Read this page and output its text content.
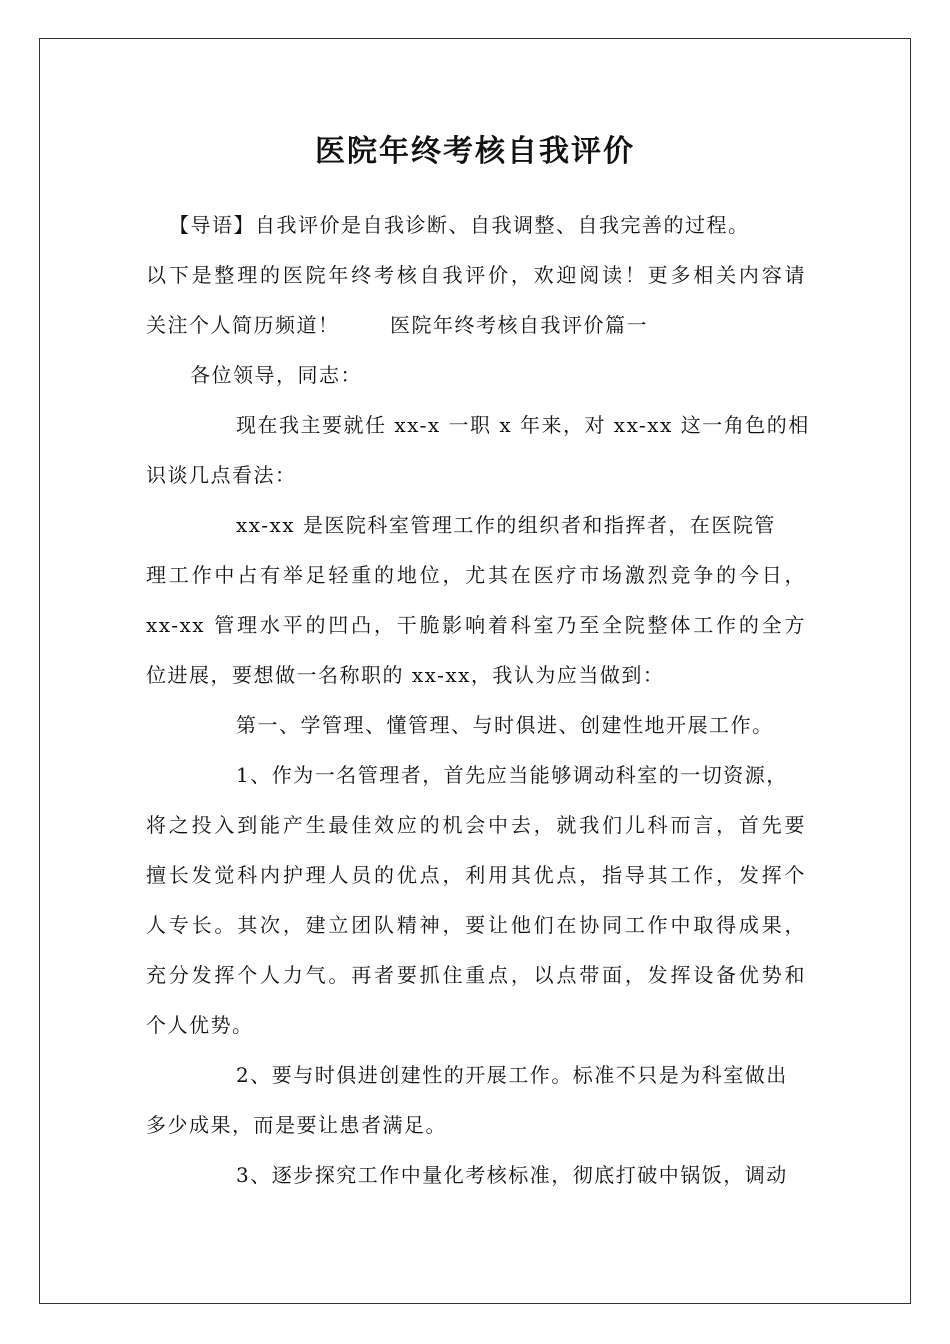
医院年终考核自我评价

【导语】自我评价是自我诊断、自我调整、自我完善的过程。

以下是整理的医院年终考核自我评价，欢迎阅读！更多相关内容请

关注个人简历频道！	医院年终考核自我评价篇一

各位领导，同志：

现在我主要就任 xx-x 一职 x 年来，对 xx-xx 这一角色的相

识谈几点看法：

xx-xx 是医院科室管理工作的组织者和指挥者，在医院管

理工作中占有举足轻重的地位，尤其在医疗市场激烈竞争的今日，

xx-xx 管理水平的凹凸，干脆影响着科室乃至全院整体工作的全方

位进展，要想做一名称职的 xx-xx，我认为应当做到：

第一、学管理、懂管理、与时俱进、创建性地开展工作。

1、作为一名管理者，首先应当能够调动科室的一切资源，

将之投入到能产生最佳效应的机会中去，就我们儿科而言，首先要

擅长发觉科内护理人员的优点，利用其优点，指导其工作，发挥个

人专长。其次，建立团队精神，要让他们在协同工作中取得成果，

充分发挥个人力气。再者要抓住重点，以点带面，发挥设备优势和

个人优势。

2、要与时俱进创建性的开展工作。标准不只是为科室做出

多少成果，而是要让患者满足。

3、逐步探究工作中量化考核标准，彻底打破中锅饭，调动
